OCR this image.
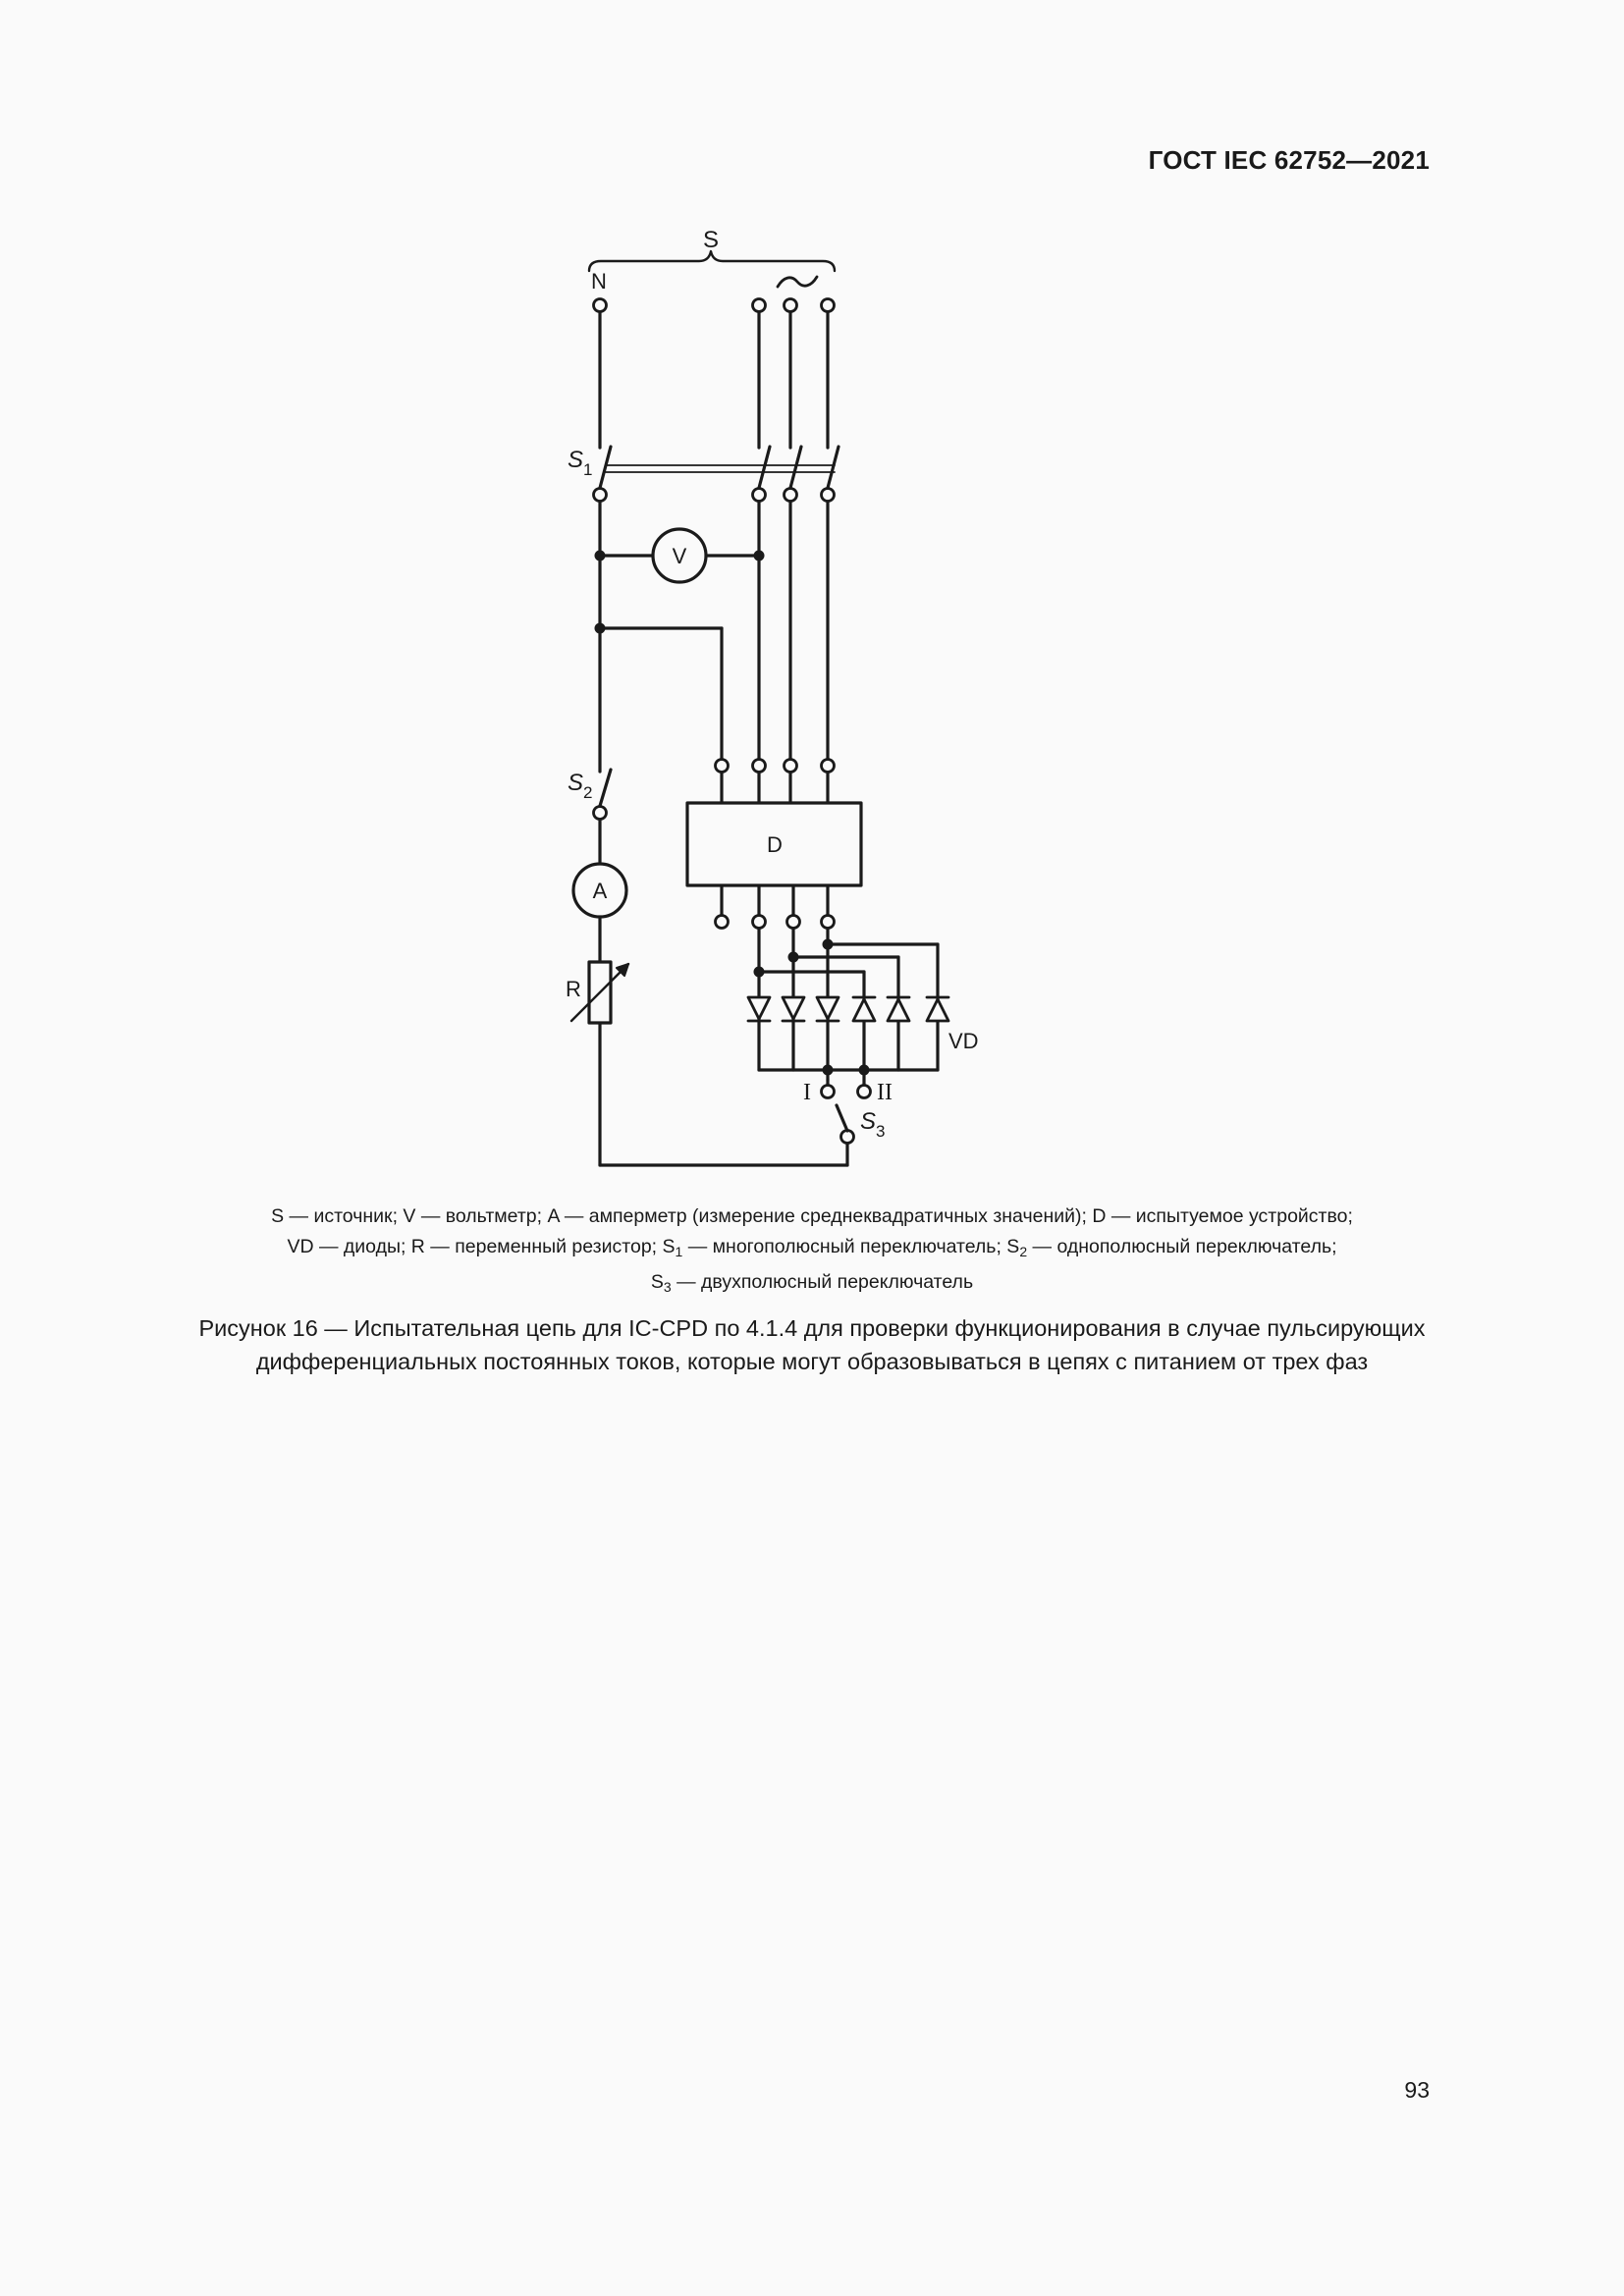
ГОСТ IEC 62752—2021
S
N
$S_1$
V
$S_2$
A
R
D
VD
I	II
$S_3$
S — источник; V — вольтметр; A — амперметр (измерение среднеквадратичных значений); D — испытуемое устройство;
VD — диоды; R — переменный резистор; $S_1$ — многополюсный переключатель; $S_2$ — однополюсный переключатель;
$S_3$ — двухполюсный переключатель
Рисунок 16 — Испытательная цепь для IC-CPD по 4.1.4 для проверки функционирования в случае пульсирующих
дифференциальных постоянных токов, которые могут образовываться в цепях с питанием от трех фаз
93
